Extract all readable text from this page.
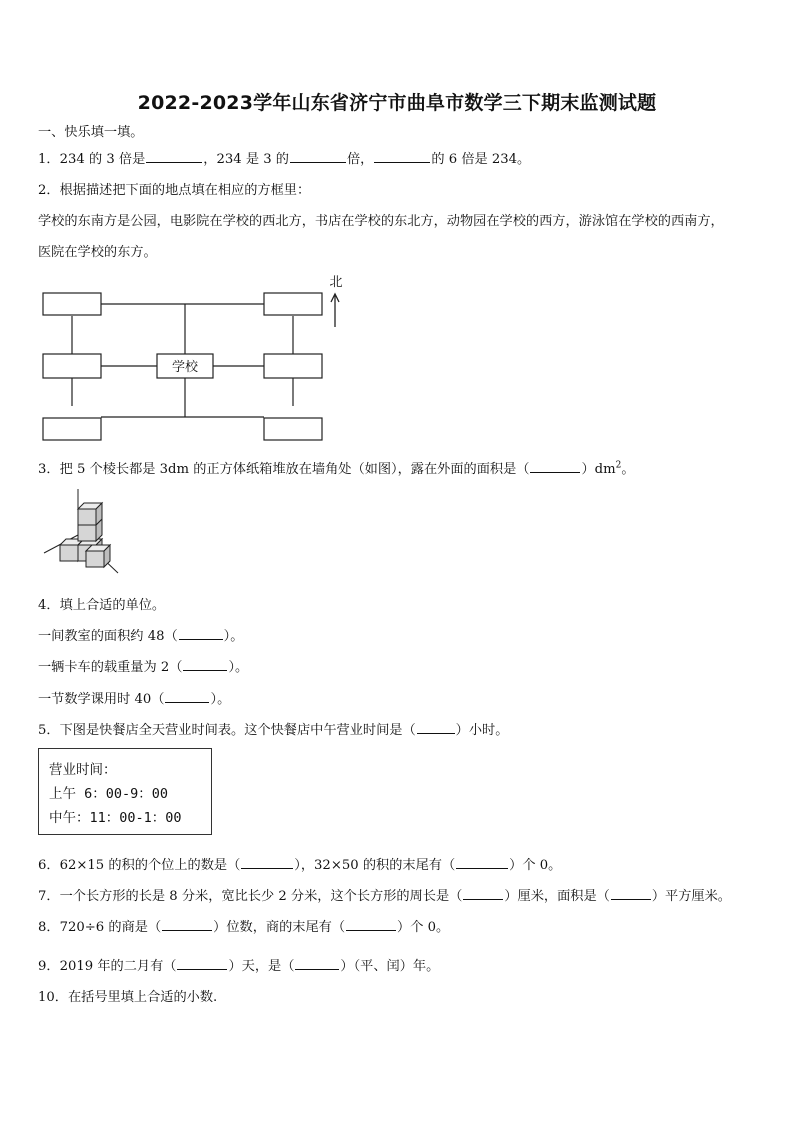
2022-2023学年山东省济宁市曲阜市数学三下期末监测试题
一、快乐填一填。
1．234 的 3 倍是	，234 是 3 的	倍，	的 6 倍是 234。
2．根据描述把下面的地点填在相应的方框里：
学校的东南方是公园，电影院在学校的西北方，书店在学校的东北方，动物园在学校的西方，游泳馆在学校的西南方，
医院在学校的东方。
学校
北
3．把 5 个棱长都是 3dm 的正方体纸箱堆放在墙角处（如图），露在外面的面积是（	）$dm^2$。
4．填上合适的单位。
一间教室的面积约 48（	）。
一辆卡车的载重量为 2（	）。
一节数学课用时 40（	）。
5．下图是快餐店全天营业时间表。这个快餐店中午营业时间是（	）小时。
营业时间：
上午 6：00-9：00
中午：11：00-1：00
6．62×15 的积的个位上的数是（	），32×50 的积的末尾有（	）个 0。
7．一个长方形的长是 8 分米，宽比长少 2 分米，这个长方形的周长是（	）厘米，面积是（	）平方厘米。
8．720÷6 的商是（	）位数，商的末尾有（	）个 0。
9．2019 年的二月有（	）天，是（	）（平、闰）年。
10．在括号里填上合适的小数.
